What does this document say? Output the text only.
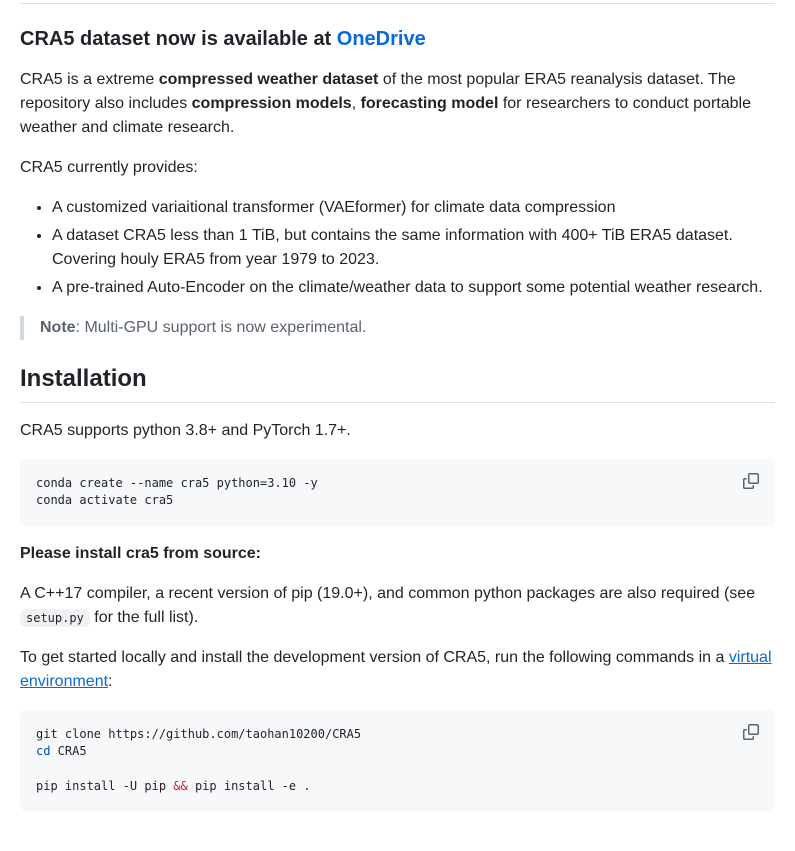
CRA5 dataset now is available at OneDrive

CRA5 is a extreme compressed weather dataset of the most popular ERA5 reanalysis dataset. The repository also includes compression models, forecasting model for researchers to conduct portable weather and climate research.

CRA5 currently provides:

• A customized variaitional transformer (VAEformer) for climate data compression
• A dataset CRA5 less than 1 TiB, but contains the same information with 400+ TiB ERA5 dataset. Covering houly ERA5 from year 1979 to 2023.
• A pre-trained Auto-Encoder on the climate/weather data to support some potential weather research.

Note: Multi-GPU support is now experimental.

Installation

CRA5 supports python 3.8+ and PyTorch 1.7+.

conda create --name cra5 python=3.10 -y
conda activate cra5

Please install cra5 from source:

A C++17 compiler, a recent version of pip (19.0+), and common python packages are also required (see setup.py for the full list).

To get started locally and install the development version of CRA5, run the following commands in a virtual environment:

git clone https://github.com/taohan10200/CRA5
cd CRA5
pip install -U pip && pip install -e .
